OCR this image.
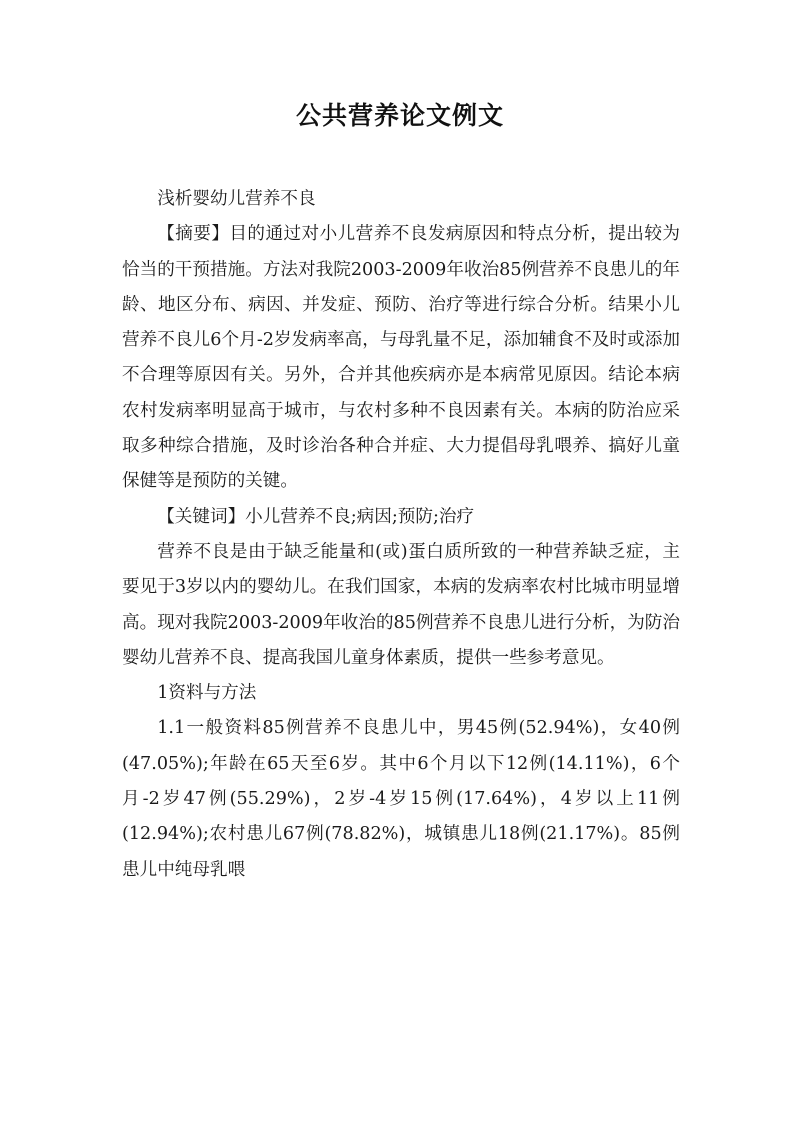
公共营养论文例文

浅析婴幼儿营养不良

【摘要】目的通过对小儿营养不良发病原因和特点分析，提出较为恰当的干预措施。方法对我院2003-2009年收治85例营养不良患儿的年龄、地区分布、病因、并发症、预防、治疗等进行综合分析。结果小儿营养不良儿6个月-2岁发病率高，与母乳量不足，添加辅食不及时或添加不合理等原因有关。另外，合并其他疾病亦是本病常见原因。结论本病农村发病率明显高于城市，与农村多种不良因素有关。本病的防治应采取多种综合措施，及时诊治各种合并症、大力提倡母乳喂养、搞好儿童保健等是预防的关键。

【关键词】小儿营养不良;病因;预防;治疗

营养不良是由于缺乏能量和(或)蛋白质所致的一种营养缺乏症，主要见于3岁以内的婴幼儿。在我们国家，本病的发病率农村比城市明显增高。现对我院2003-2009年收治的85例营养不良患儿进行分析，为防治婴幼儿营养不良、提高我国儿童身体素质，提供一些参考意见。

1资料与方法

1.1一般资料85例营养不良患儿中，男45例(52.94%)，女40例(47.05%);年龄在65天至6岁。其中6个月以下12例(14.11%)，6个月-2岁47例(55.29%)，2岁-4岁15例(17.64%)，4岁以上11例(12.94%);农村患儿67例(78.82%)，城镇患儿18例(21.17%)。85例患儿中纯母乳喂
